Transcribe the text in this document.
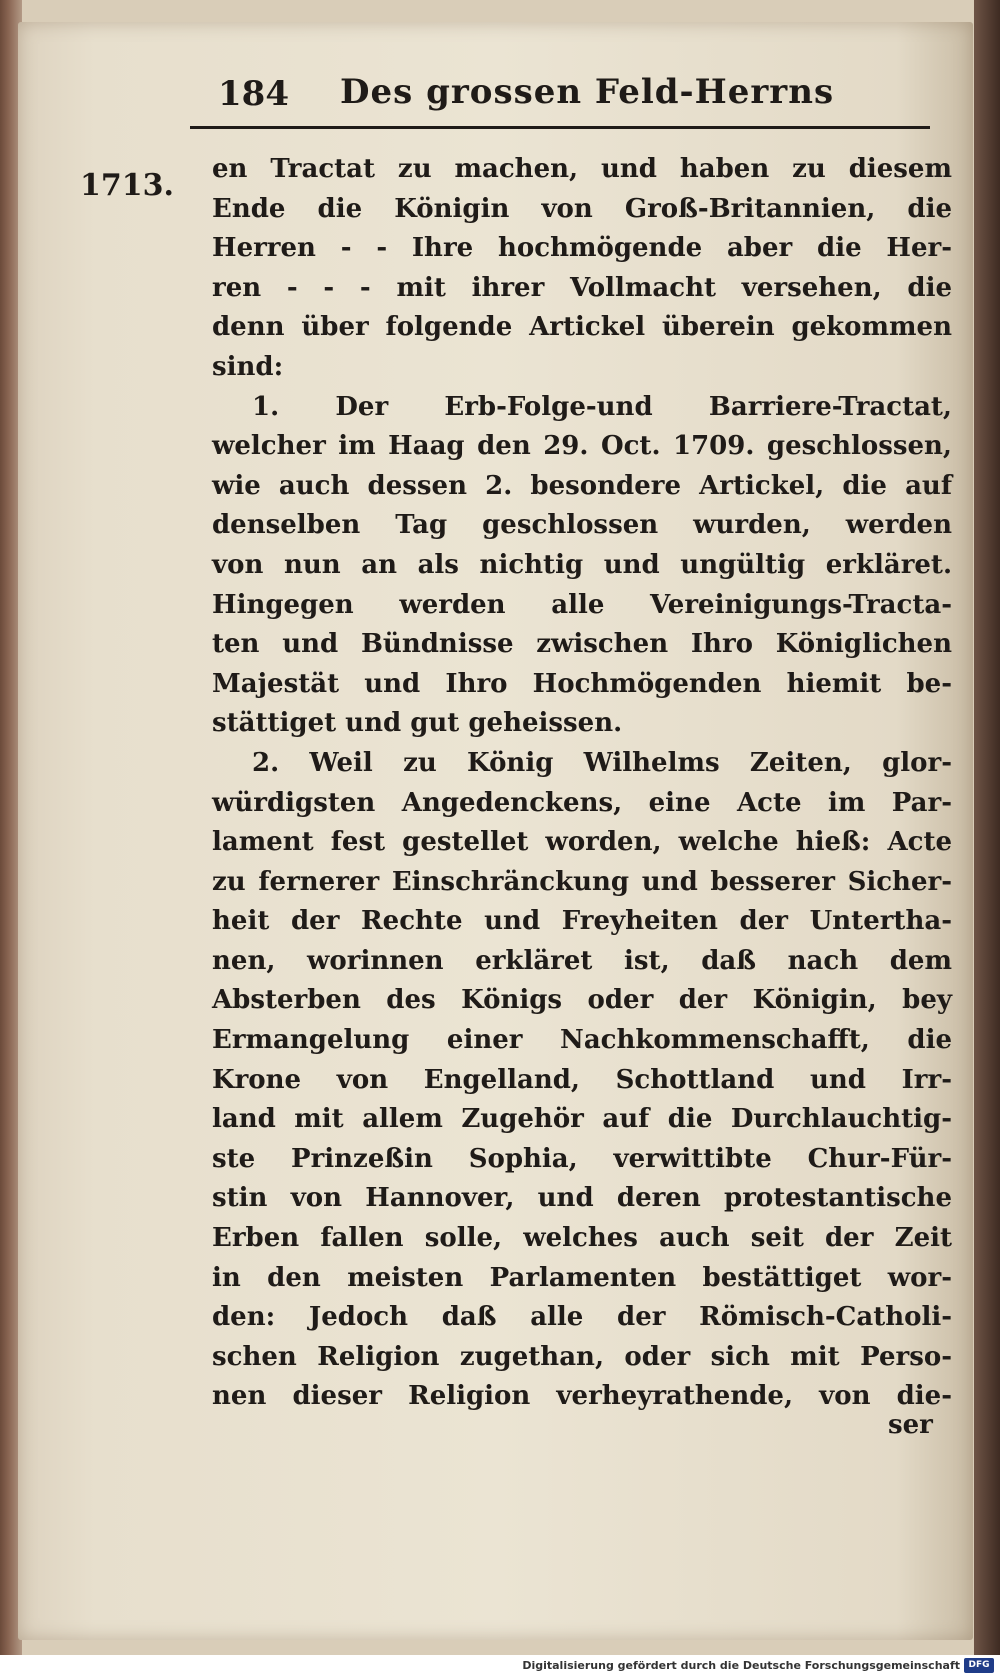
184 Des grossen Feld-Herrns
1713. en Tractat zu machen, und haben zu diesem
Ende die Königin von Groß-Britannien, die
Herren - - Ihre hochmögende aber die Her-
ren - - - mit ihrer Vollmacht versehen, die
denn über folgende Artickel überein gekommen
sind:
1. Der Erb-Folge-und Barriere-Tractat,
welcher im Haag den 29. Oct. 1709. geschlossen,
wie auch dessen 2. besondere Artickel, die auf
denselben Tag geschlossen wurden, werden
von nun an als nichtig und ungültig erkläret.
Hingegen werden alle Vereinigungs-Tracta-
ten und Bündnisse zwischen Ihro Königlichen
Majestät und Ihro Hochmögenden hiemit be-
stättiget und gut geheissen.
2. Weil zu König Wilhelms Zeiten, glor-
würdigsten Angedenckens, eine Acte im Par-
lament fest gestellet worden, welche hieß: Acte
zu fernerer Einschränckung und besserer Sicher-
heit der Rechte und Freyheiten der Untertha-
nen, worinnen erkläret ist, daß nach dem
Absterben des Königs oder der Königin, bey
Ermangelung einer Nachkommenschafft, die
Krone von Engelland, Schottland und Irr-
land mit allem Zugehör auf die Durchlauchtig-
ste Prinzeßin Sophia, verwittibte Chur-Für-
stin von Hannover, und deren protestantische
Erben fallen solle, welches auch seit der Zeit
in den meisten Parlamenten bestättiget wor-
den: Jedoch daß alle der Römisch-Catholi-
schen Religion zugethan, oder sich mit Perso-
nen dieser Religion verheyrathende, von die-
ser
Digitalisierung gefördert durch die Deutsche Forschungsgemeinschaft DFG
